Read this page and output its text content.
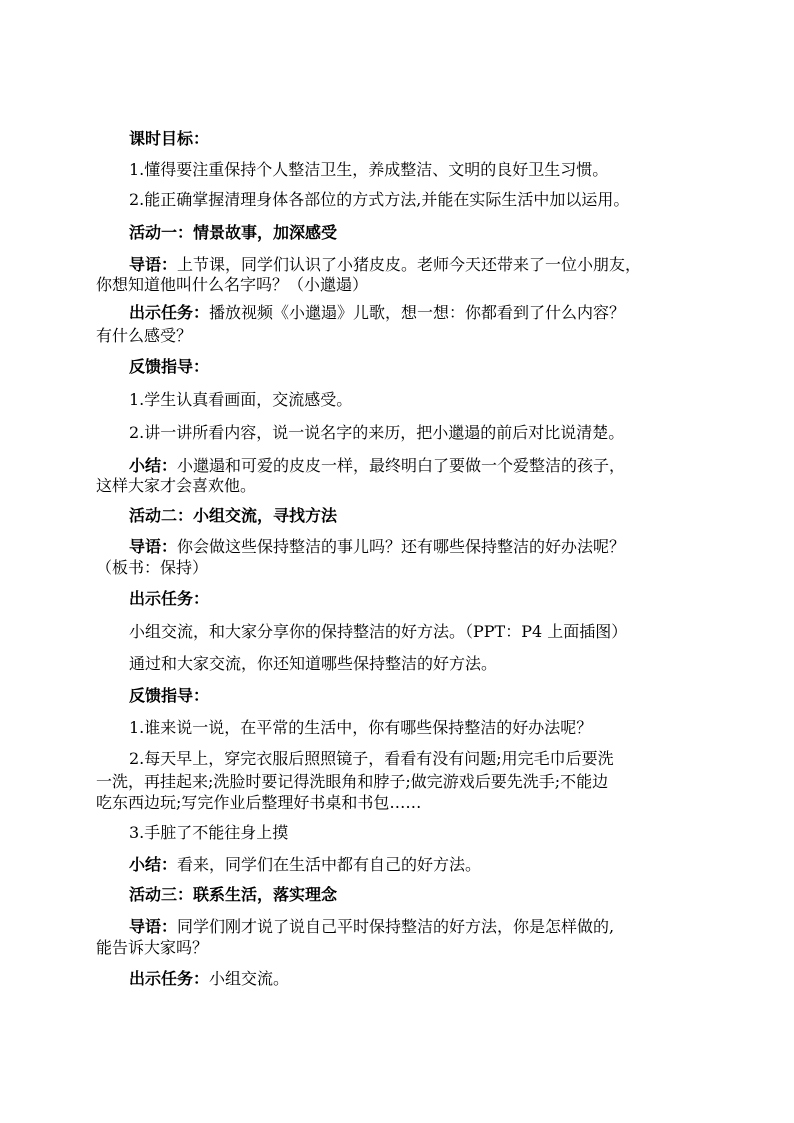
课时目标：
1.懂得要注重保持个人整洁卫生，养成整洁、文明的良好卫生习惯。
2.能正确掌握清理身体各部位的方式方法,并能在实际生活中加以运用。
活动一：情景故事，加深感受
导语：上节课，同学们认识了小猪皮皮。老师今天还带来了一位小朋友，
你想知道他叫什么名字吗？（小邋遢）
出示任务：播放视频《小邋遢》儿歌，想一想：你都看到了什么内容？
有什么感受？
反馈指导：
1.学生认真看画面，交流感受。
2.讲一讲所看内容，说一说名字的来历，把小邋遢的前后对比说清楚。
小结：小邋遢和可爱的皮皮一样，最终明白了要做一个爱整洁的孩子，
这样大家才会喜欢他。
活动二：小组交流，寻找方法
导语：你会做这些保持整洁的事儿吗？还有哪些保持整洁的好办法呢？
（板书：保持）
出示任务：
小组交流，和大家分享你的保持整洁的好方法。（PPT：P4 上面插图）
通过和大家交流，你还知道哪些保持整洁的好方法。
反馈指导：
1.谁来说一说，在平常的生活中，你有哪些保持整洁的好办法呢？
2.每天早上，穿完衣服后照照镜子，看看有没有问题;用完毛巾后要洗
一洗，再挂起来;洗脸时要记得洗眼角和脖子;做完游戏后要先洗手;不能边
吃东西边玩;写完作业后整理好书桌和书包……
3.手脏了不能往身上摸
小结：看来，同学们在生活中都有自己的好方法。
活动三：联系生活，落实理念
导语：同学们刚才说了说自己平时保持整洁的好方法，你是怎样做的,
能告诉大家吗？
出示任务：小组交流。
